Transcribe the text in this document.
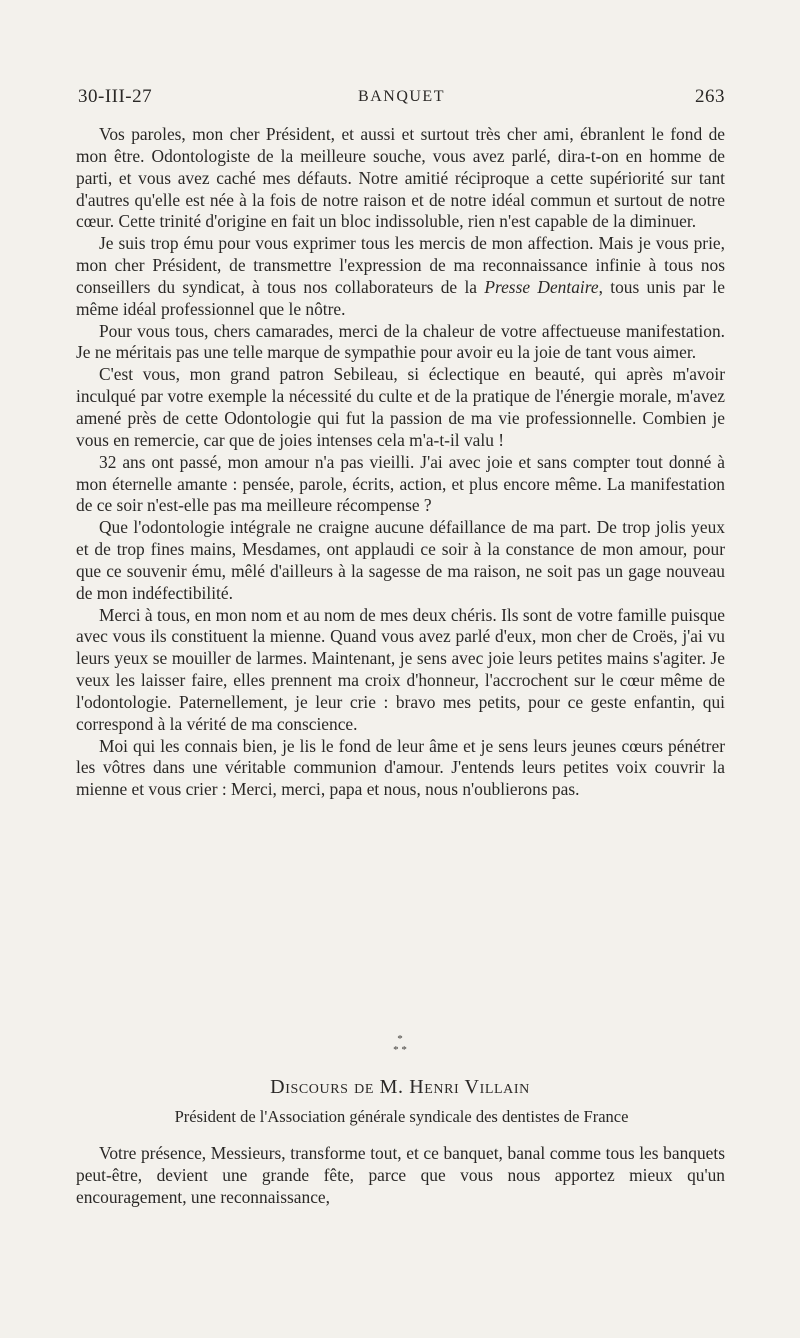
30-III-27	BANQUET	263

Vos paroles, mon cher Président, et aussi et surtout très cher ami, ébranlent le fond de mon être. Odontologiste de la meilleure souche, vous avez parlé, dira-t-on en homme de parti, et vous avez caché mes défauts. Notre amitié réciproque a cette supériorité sur tant d'autres qu'elle est née à la fois de notre raison et de notre idéal commun et surtout de notre cœur. Cette trinité d'origine en fait un bloc indissoluble, rien n'est capable de la diminuer.

Je suis trop ému pour vous exprimer tous les mercis de mon affection. Mais je vous prie, mon cher Président, de transmettre l'expression de ma reconnaissance infinie à tous nos conseillers du syndicat, à tous nos collaborateurs de la Presse Dentaire, tous unis par le même idéal professionnel que le nôtre.

Pour vous tous, chers camarades, merci de la chaleur de votre affectueuse manifestation. Je ne méritais pas une telle marque de sympathie pour avoir eu la joie de tant vous aimer.

C'est vous, mon grand patron Sebileau, si éclectique en beauté, qui après m'avoir inculqué par votre exemple la nécessité du culte et de la pratique de l'énergie morale, m'avez amené près de cette Odontologie qui fut la passion de ma vie professionnelle. Combien je vous en remercie, car que de joies intenses cela m'a-t-il valu !

32 ans ont passé, mon amour n'a pas vieilli. J'ai avec joie et sans compter tout donné à mon éternelle amante : pensée, parole, écrits, action, et plus encore même. La manifestation de ce soir n'est-elle pas ma meilleure récompense ?

Que l'odontologie intégrale ne craigne aucune défaillance de ma part. De trop jolis yeux et de trop fines mains, Mesdames, ont applaudi ce soir à la constance de mon amour, pour que ce souvenir ému, mêlé d'ailleurs à la sagesse de ma raison, ne soit pas un gage nouveau de mon indéfectibilité.

Merci à tous, en mon nom et au nom de mes deux chéris. Ils sont de votre famille puisque avec vous ils constituent la mienne. Quand vous avez parlé d'eux, mon cher de Croës, j'ai vu leurs yeux se mouiller de larmes. Maintenant, je sens avec joie leurs petites mains s'agiter. Je veux les laisser faire, elles prennent ma croix d'honneur, l'accrochent sur le cœur même de l'odontologie. Paternellement, je leur crie : bravo mes petits, pour ce geste enfantin, qui correspond à la vérité de ma conscience.

Moi qui les connais bien, je lis le fond de leur âme et je sens leurs jeunes cœurs pénétrer les vôtres dans une véritable communion d'amour. J'entends leurs petites voix couvrir la mienne et vous crier : Merci, merci, papa et nous, nous n'oublierons pas.

*
* *
Discours de M. Henri Villain
Président de l'Association générale syndicale des dentistes de France

Votre présence, Messieurs, transforme tout, et ce banquet, banal comme tous les banquets peut-être, devient une grande fête, parce que vous nous apportez mieux qu'un encouragement, une reconnaissance,
